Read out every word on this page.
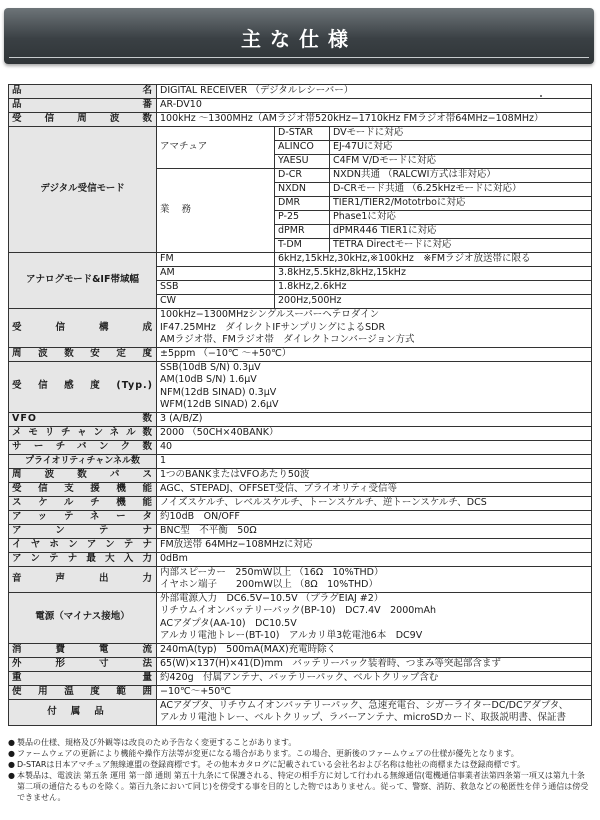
主な仕様
品名	DIGITAL RECEIVER （デジタルレシーバー）		
品番	AR-DV10		
受信周波数	100kHz ～1300MHz（AMラジオ帯520kHz−1710kHz FMラジオ帯64MHz−108MHz）		
デジタル受信モード	アマチュア	D-STAR	DVモードに対応
		ALINCO	EJ-47Uに対応
		YAESU	C4FM V/Dモードに対応
	業務	D-CR	NXDN共通 （RALCWI方式は非対応）
		NXDN	D-CRモード共通 （6.25kHzモードに対応）
		DMR	TIER1/TIER2/Mototrboに対応
		P-25	Phase1に対応
		dPMR	dPMR446 TIER1に対応
		T-DM	TETRA Directモードに対応
アナログモード&IF帯域幅	FM	6kHz,15kHz,30kHz,※100kHz　※FMラジオ放送帯に限る	
	AM	3.8kHz,5.5kHz,8kHz,15kHz	
	SSB	1.8kHz,2.6kHz	
	CW	200Hz,500Hz	
受信構成	100kHz−1300MHzシングルスーパーヘテロダイン
IF47.25MHz　ダイレクトIFサンプリングによるSDR
AMラジオ帯、FMラジオ帯　ダイレクトコンバージョン方式		

周波数安定度	±5ppm （−10℃ ～+50℃）		
受信感度(Typ.)	SSB(10dB S/N) 0.3μV
AM(10dB S/N) 1.6μV
NFM(12dB SINAD) 0.3μV
WFM(12dB SINAD) 2.6μV		

VFO数	3 (A/B/Z)		
メモリチャンネル数	2000 （50CH×40BANK）		
サーチバンク数	40		
プライオリティチャンネル数	1		
周波数パス	1つのBANKまたはVFOあたり50波		
受信支援機能	AGC、STEPADJ、OFFSET受信、プライオリティ受信等		
スケルチ機能	ノイズスケルチ、レベルスケルチ、トーンスケルチ、逆トーンスケルチ、DCS		
アッテネータ	約10dB　ON/OFF		
アンテナ	BNC型　不平衡　50Ω		
イヤホンアンテナ	FM放送帯 64MHz−108MHzに対応		
アンテナ最大入力	0dBm		
音声出力	内部スピーカー　250mW以上 （16Ω　10%THD）
イヤホン端子　　200mW以上 （8Ω　10%THD）		

電源（マイナス接地）	外部電源入力　DC6.5V−10.5V （プラグEIAJ #2）
リチウムイオンバッテリーパック(BP-10)　DC7.4V　2000mAh
ACアダプタ(AA-10)　DC10.5V
アルカリ電池トレー(BT-10)　アルカリ単3乾電池6本　DC9V		

消費電流	240mA(typ)　500mA(MAX)充電時除く		
外形寸法	65(W)×137(H)×41(D)mm　バッテリーパック装着時、つまみ等突起部含まず		
重量	約420g　付属アンテナ、バッテリーパック、ベルトクリップ含む		
使用温度範囲	−10℃～+50℃		
付属品	ACアダプタ、リチウムイオンバッテリーパック、急速充電台、シガーライターDC/DCアダプタ、
アルカリ電池トレー、ベルトクリップ、ラバーアンテナ、microSDカード、取扱説明書、保証書		
● 製品の仕様、規格及び外観等は改良のため予告なく変更することがあります。
● ファームウェアの更新により機能や操作方法等が変更になる場合があります。この場合、更新後のファームウェアの仕様が優先となります。
● D-STARは日本アマチュア無線連盟の登録商標です。その他本カタログに記載されている会社名および名称は他社の商標または登録商標です。
● 本製品は、電波法 第五条 運用 第一節 通則 第五十九条にて保護される、特定の相手方に対して行われる無線通信(電機通信事業者法第四条第一項又は第九十条第二項の通信たるものを除く。第百九条において同じ)を傍受する事を目的とした物ではありません。従って、警察、消防、救急などの秘匿性を伴う通信は傍受できません。
